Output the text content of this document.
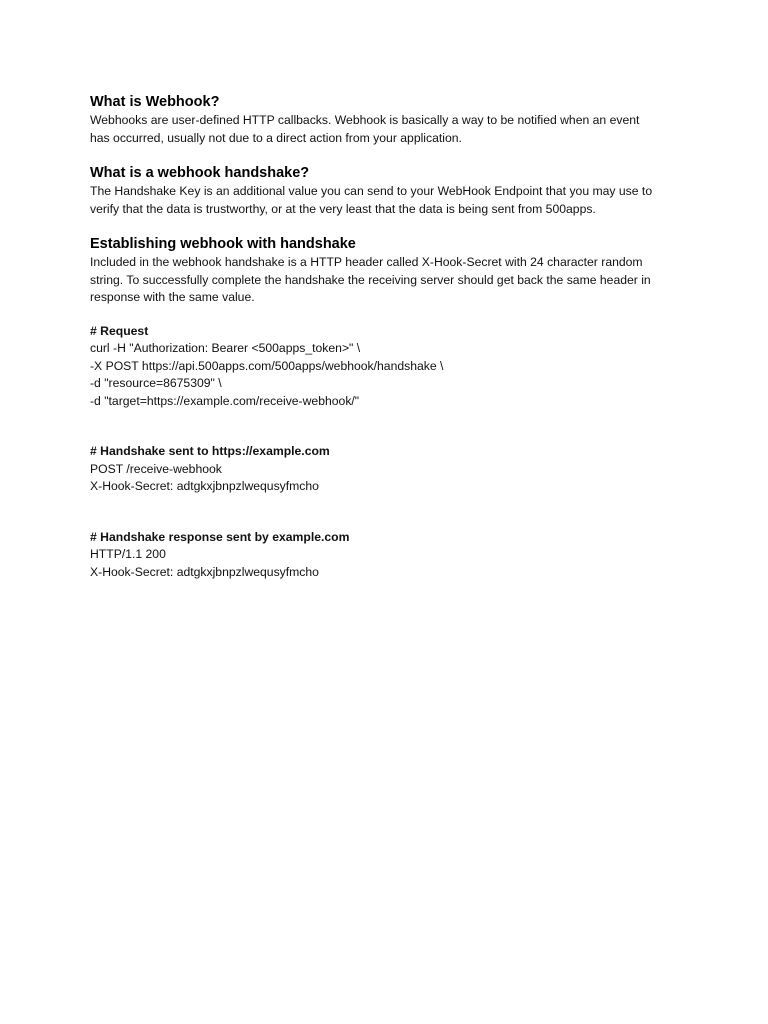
What is Webhook?

Webhooks are user-defined HTTP callbacks. Webhook is basically a way to be notified when an event

has occurred, usually not due to a direct action from your application.

What is a webhook handshake?

The Handshake Key is an additional value you can send to your WebHook Endpoint that you may use to

verify that the data is trustworthy, or at the very least that the data is being sent from 500apps.

Establishing webhook with handshake

Included in the webhook handshake is a HTTP header called X-Hook-Secret with 24 character random

string. To successfully complete the handshake the receiving server should get back the same header in

response with the same value.

# Request

curl -H "Authorization: Bearer <500apps_token>" \

-X POST https://api.500apps.com/500apps/webhook/handshake \

-d "resource=8675309" \

-d "target=https://example.com/receive-webhook/"

# Handshake sent to https://example.com

POST /receive-webhook

X-Hook-Secret: adtgkxjbnpzlwequsyfmcho

# Handshake response sent by example.com

HTTP/1.1 200

X-Hook-Secret: adtgkxjbnpzlwequsyfmcho
